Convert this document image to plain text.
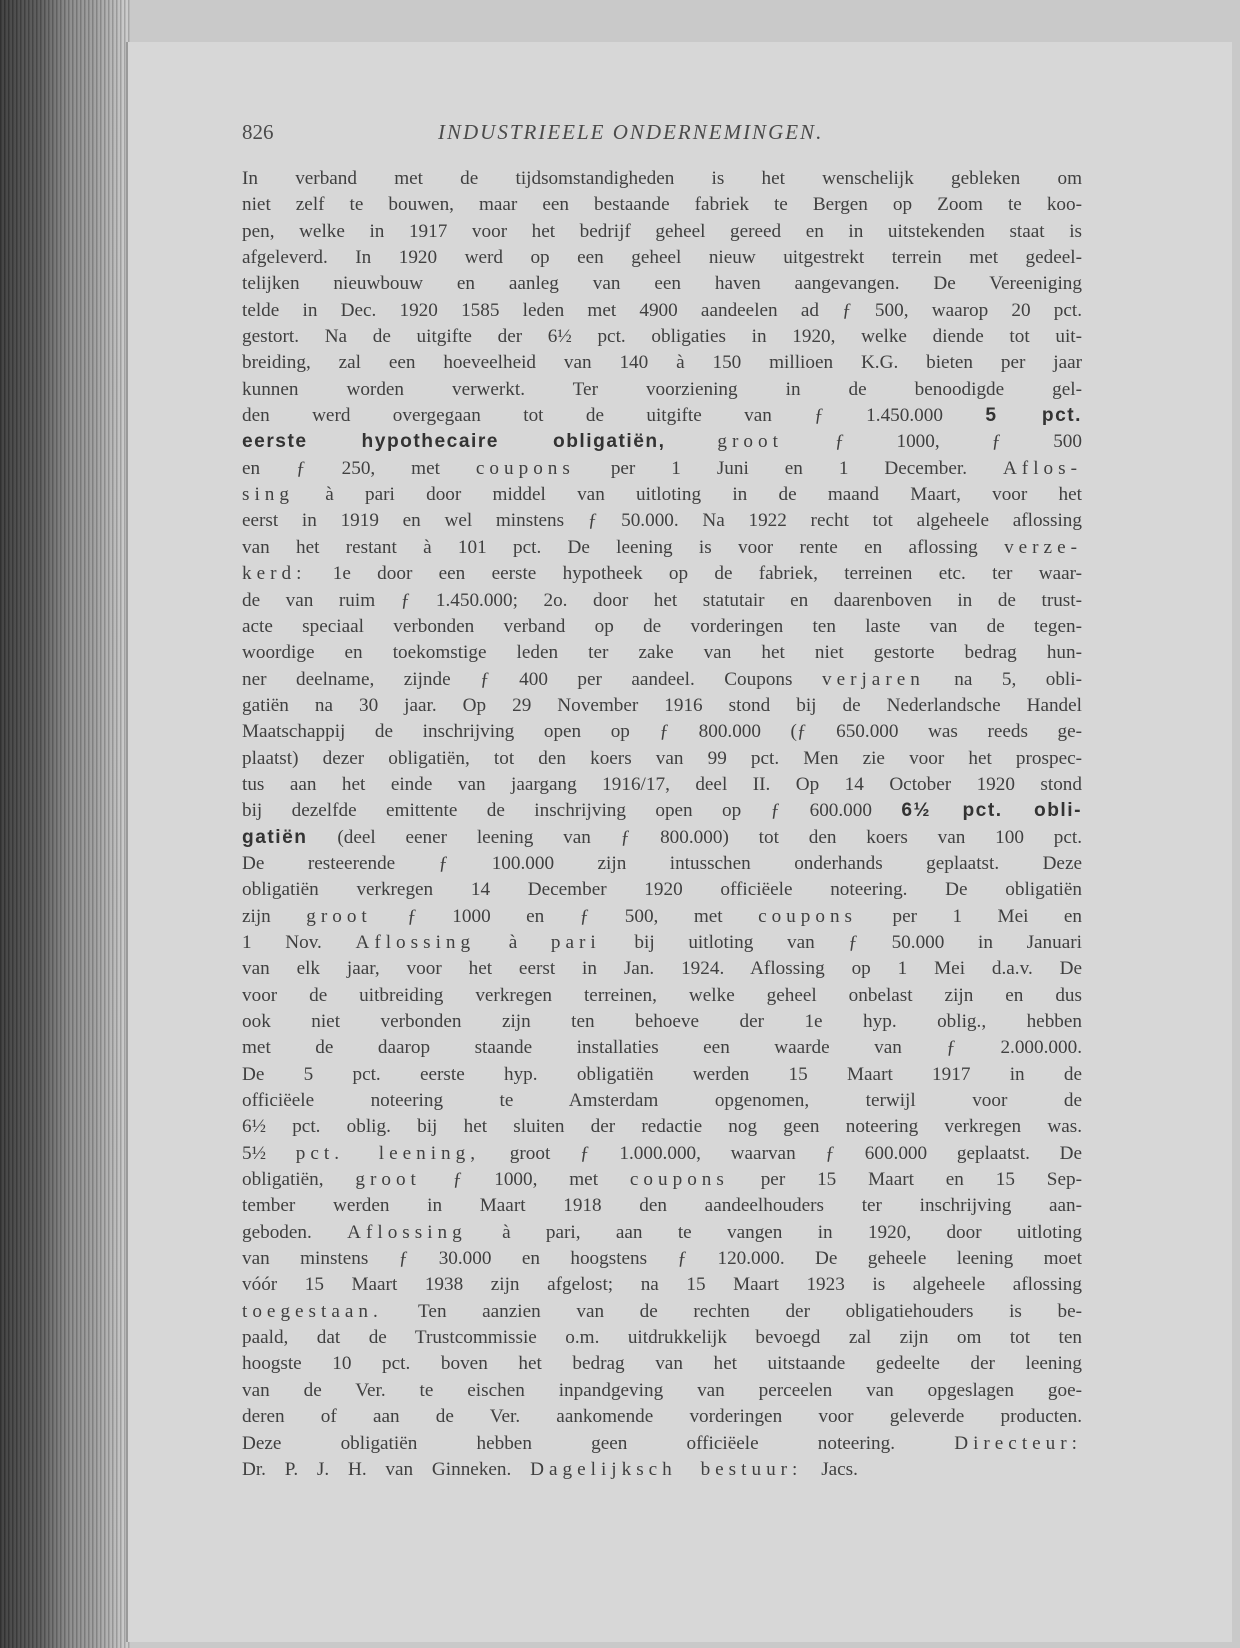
826	INDUSTRIEELE ONDERNEMINGEN.

In verband met de tijdsomstandigheden is het wenschelijk gebleken om
niet zelf te bouwen, maar een bestaande fabriek te Bergen op Zoom te koo-
pen, welke in 1917 voor het bedrijf geheel gereed en in uitstekenden staat is
afgeleverd. In 1920 werd op een geheel nieuw uitgestrekt terrein met gedeel-
telijken nieuwbouw en aanleg van een haven aangevangen. De Vereeniging
telde in Dec. 1920 1585 leden met 4900 aandeelen ad ƒ 500, waarop 20 pct.
gestort. Na de uitgifte der 6½ pct. obligaties in 1920, welke diende tot uit-
breiding, zal een hoeveelheid van 140 à 150 millioen K.G. bieten per jaar
kunnen worden verwerkt. Ter voorziening in de benoodigde gel-
den werd overgegaan tot de uitgifte van ƒ 1.450.000 5 pct.
eerste hypothecaire obligatiën,	groot ƒ 1000, ƒ 500
en ƒ 250, met coupons per 1 Juni en 1 December. Aflos-
sing à pari door middel van uitloting in de maand Maart, voor het
eerst in 1919 en wel minstens ƒ 50.000. Na 1922 recht tot algeheele aflossing
van het restant à 101 pct. De leening is voor rente en aflossing verze-
kerd: 1e door een eerste hypotheek op de fabriek, terreinen etc. ter waar-
de van ruim ƒ 1.450.000; 2o. door het statutair en daarenboven in de trust-
acte speciaal verbonden verband op de vorderingen ten laste van de tegen-
woordige en toekomstige leden ter zake van het niet gestorte bedrag hun-
ner deelname, zijnde ƒ 400 per aandeel. Coupons verjaren na 5, obli-
gatiën na 30 jaar. Op 29 November 1916 stond bij de Nederlandsche Handel
Maatschappij de inschrijving open op ƒ 800.000 (ƒ 650.000 was reeds ge-
plaatst) dezer obligatiën, tot den koers van 99 pct. Men zie voor het prospec-
tus aan het einde van jaargang 1916/17, deel II. Op 14 October 1920 stond
bij dezelfde emittente de inschrijving open op ƒ 600.000 6½ pct. obli-
gatiën (deel eener leening van ƒ 800.000) tot den koers van 100 pct.
De resteerende ƒ 100.000 zijn intusschen onderhands geplaatst. Deze
obligatiën verkregen 14 December 1920 officiëele noteering. De obligatiën
zijn groot ƒ 1000 en ƒ 500, met coupons per 1 Mei en
1 Nov. Aflossing à pari bij uitloting van ƒ 50.000 in Januari
van elk jaar, voor het eerst in Jan. 1924. Aflossing op 1 Mei d.a.v. De
voor de uitbreiding verkregen terreinen, welke geheel onbelast zijn en dus
ook niet verbonden zijn ten behoeve der 1e hyp. oblig., hebben
met de daarop staande installaties een waarde van ƒ 2.000.000.
De 5 pct. eerste hyp. obligatiën werden 15 Maart 1917 in de
officiëele noteering te Amsterdam opgenomen, terwijl voor de
6½ pct. oblig. bij het sluiten der redactie nog geen noteering verkregen was.
5½ pct. leening, groot ƒ 1.000.000, waarvan ƒ 600.000 geplaatst. De
obligatiën, groot ƒ 1000, met coupons per 15 Maart en 15 Sep-
tember werden in Maart 1918 den aandeelhouders ter inschrijving aan-
geboden. Aflossing à pari, aan te vangen in 1920, door uitloting
van minstens ƒ 30.000 en hoogstens ƒ 120.000. De geheele leening moet
vóór 15 Maart 1938 zijn afgelost; na 15 Maart 1923 is algeheele aflossing
toegestaan. Ten aanzien van de rechten der obligatiehouders is be-
paald, dat de Trustcommissie o.m. uitdrukkelijk bevoegd zal zijn om tot ten
hoogste 10 pct. boven het bedrag van het uitstaande gedeelte der leening
van de Ver. te eischen inpandgeving van perceelen van opgeslagen goe-
deren of aan de Ver. aankomende vorderingen voor geleverde producten.
Deze obligatiën hebben geen officiëele noteering. Directeur:
Dr. P. J. H. van Ginneken. Dagelijksch bestuur: Jacs.
